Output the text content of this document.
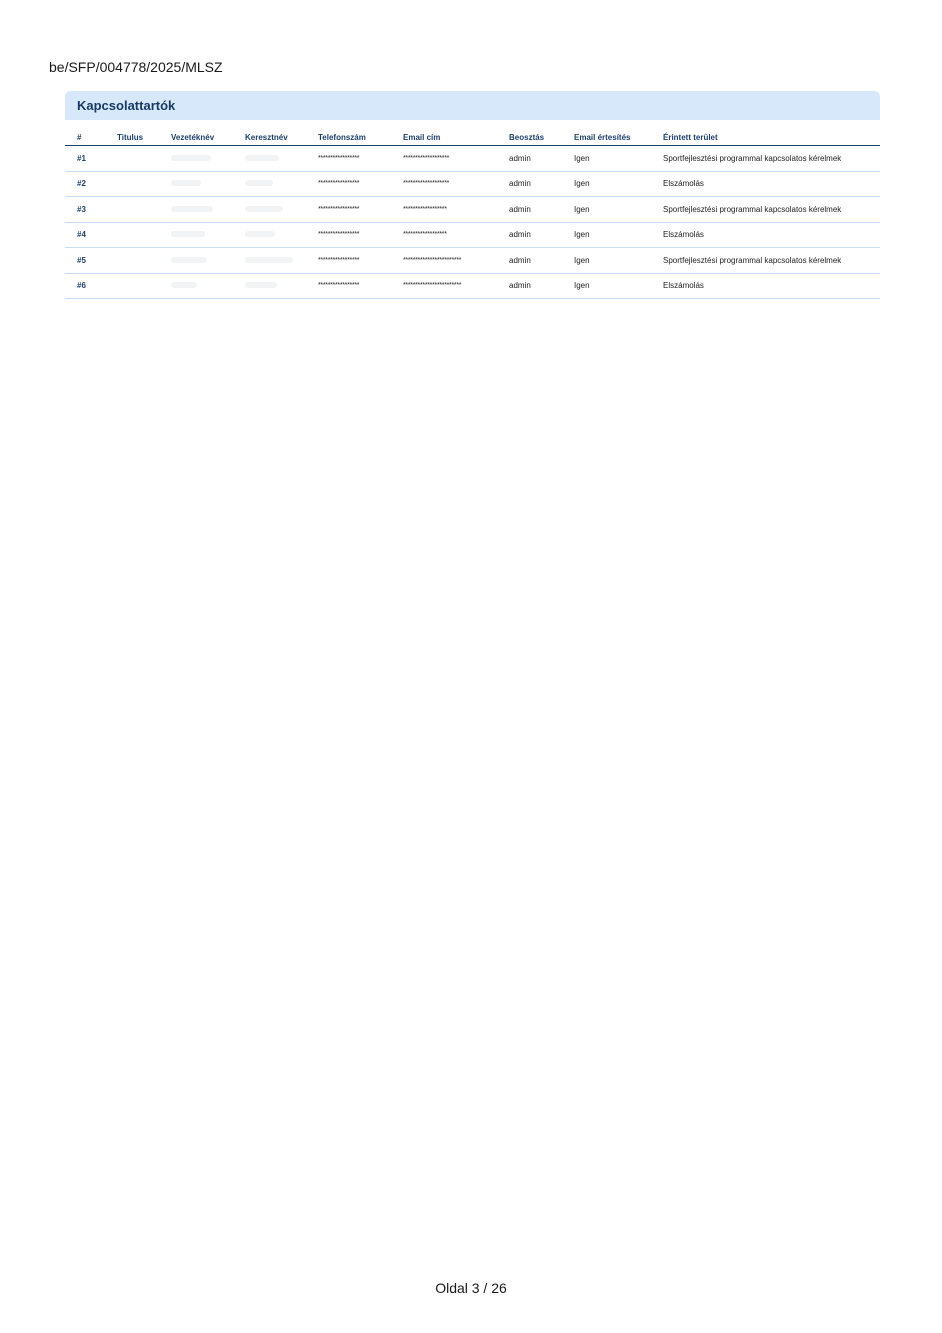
be/SFP/004778/2025/MLSZ
Kapcsolattartók
#	Titulus	Vezetéknév	Keresztnév	Telefonszám	Email cím	Beosztás	Email értesítés	Érintett terület
#1				*****************	*******************	admin	Igen	Sportfejlesztési programmal kapcsolatos kérelmek
#2				*****************	*******************	admin	Igen	Elszámolás
#3				*****************	******************	admin	Igen	Sportfejlesztési programmal kapcsolatos kérelmek
#4				*****************	******************	admin	Igen	Elszámolás
#5				*****************	************************	admin	Igen	Sportfejlesztési programmal kapcsolatos kérelmek
#6				*****************	************************	admin	Igen	Elszámolás
Oldal 3 / 26
